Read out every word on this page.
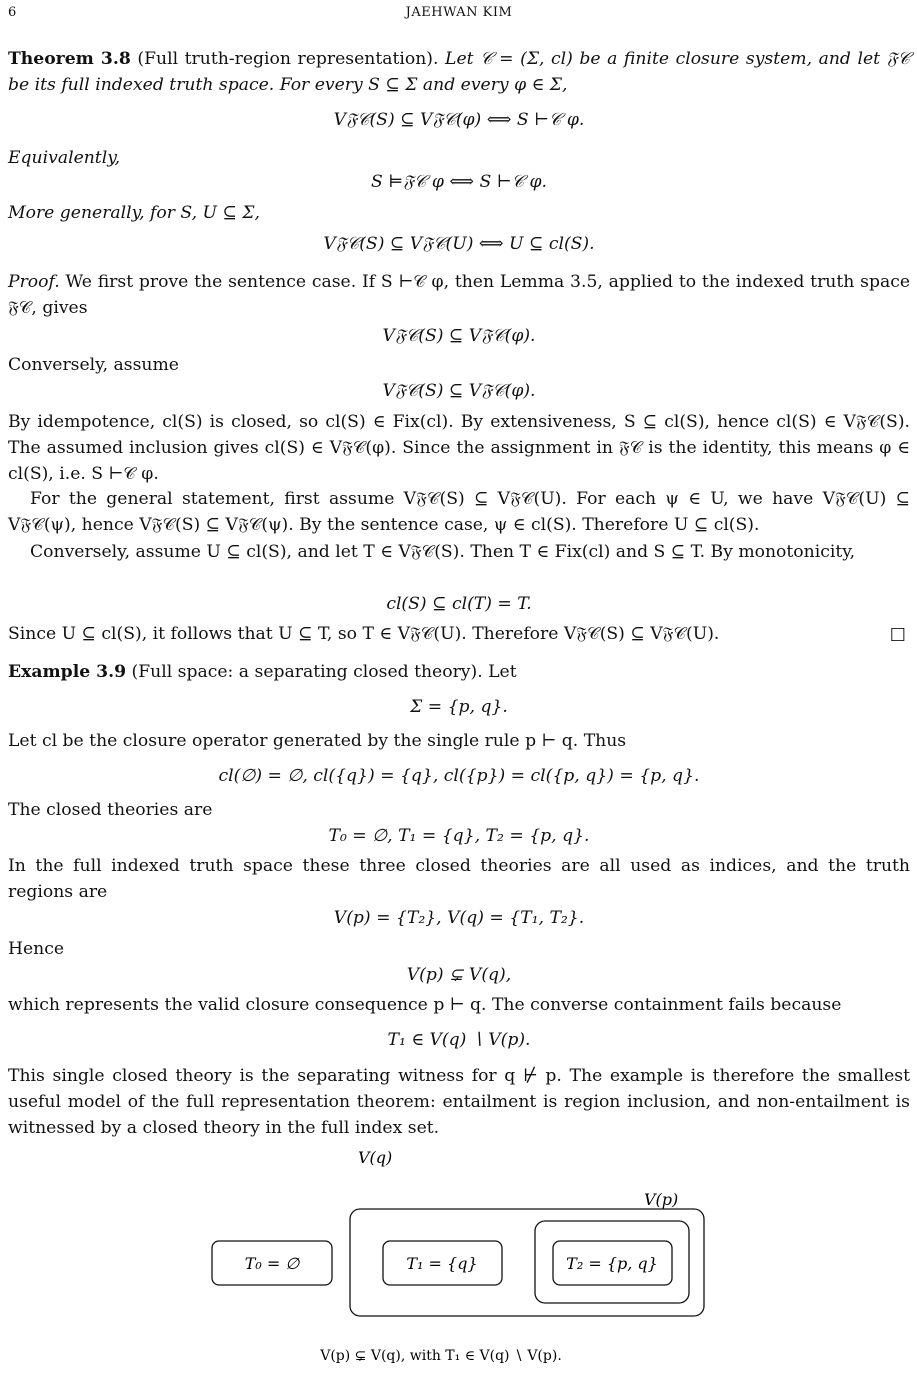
6	JAEHWAN KIM

Theorem 3.8 (Full truth-region representation). Let 𝒞 = (Σ, cl) be a finite closure system, and let 𝔉𝒞 be its full indexed truth space. For every S ⊆ Σ and every φ ∈ Σ,

V𝔉𝒞(S) ⊆ V𝔉𝒞(φ) ⟺ S ⊢𝒞 φ.

Equivalently,

S ⊨𝔉𝒞 φ ⟺ S ⊢𝒞 φ.

More generally, for S, U ⊆ Σ,

V𝔉𝒞(S) ⊆ V𝔉𝒞(U) ⟺ U ⊆ cl(S).

Proof. We first prove the sentence case. If S ⊢𝒞 φ, then Lemma 3.5, applied to the indexed truth space 𝔉𝒞, gives

V𝔉𝒞(S) ⊆ V𝔉𝒞(φ).

Conversely, assume

V𝔉𝒞(S) ⊆ V𝔉𝒞(φ).

By idempotence, cl(S) is closed, so cl(S) ∈ Fix(cl). By extensiveness, S ⊆ cl(S), hence cl(S) ∈ V𝔉𝒞(S). The assumed inclusion gives cl(S) ∈ V𝔉𝒞(φ). Since the assignment in 𝔉𝒞 is the identity, this means φ ∈ cl(S), i.e. S ⊢𝒞 φ.

For the general statement, first assume V𝔉𝒞(S) ⊆ V𝔉𝒞(U). For each ψ ∈ U, we have V𝔉𝒞(U) ⊆ V𝔉𝒞(ψ), hence V𝔉𝒞(S) ⊆ V𝔉𝒞(ψ). By the sentence case, ψ ∈ cl(S). Therefore U ⊆ cl(S).

Conversely, assume U ⊆ cl(S), and let T ∈ V𝔉𝒞(S). Then T ∈ Fix(cl) and S ⊆ T. By monotonicity,

cl(S) ⊆ cl(T) = T.

Since U ⊆ cl(S), it follows that U ⊆ T, so T ∈ V𝔉𝒞(U). Therefore V𝔉𝒞(S) ⊆ V𝔉𝒞(U).	□

Example 3.9 (Full space: a separating closed theory). Let

Σ = {p, q}.

Let cl be the closure operator generated by the single rule p ⊢ q. Thus

cl(∅) = ∅, cl({q}) = {q}, cl({p}) = cl({p, q}) = {p, q}.

The closed theories are

T₀ = ∅, T₁ = {q}, T₂ = {p, q}.

In the full indexed truth space these three closed theories are all used as indices, and the truth regions are

V(p) = {T₂}, V(q) = {T₁, T₂}.

Hence

V(p) ⊊ V(q),

which represents the valid closure consequence p ⊢ q. The converse containment fails because

T₁ ∈ V(q) ∖ V(p).

This single closed theory is the separating witness for q ⊬ p. The example is therefore the smallest useful model of the full representation theorem: entailment is region inclusion, and non-entailment is witnessed by a closed theory in the full index set.

V(q)
V(p)
T₀ = ∅	T₁ = {q}	T₂ = {p, q}
V(p) ⊊ V(q), with T₁ ∈ V(q) ∖ V(p).
